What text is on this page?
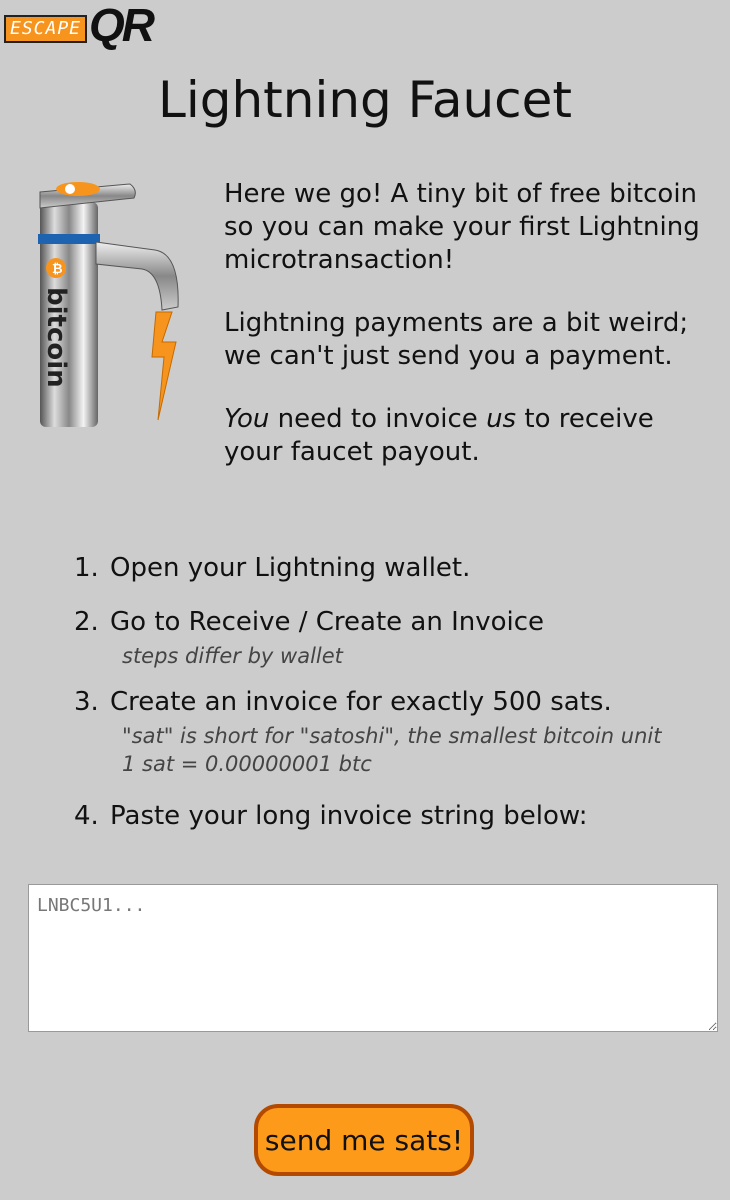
ESCAPE QR
Lightning Faucet
₿
bitcoin

Here we go! A tiny bit of free bitcoin so you can make your first Lightning microtransaction!

Lightning payments are a bit weird; we can't just send you a payment.

You need to invoice us to receive your faucet payout.

1. Open your Lightning wallet.
2. Go to Receive / Create an Invoice
steps differ by wallet
3. Create an invoice for exactly 500 sats.
"sat" is short for "satoshi", the smallest bitcoin unit
1 sat = 0.00000001 btc
4. Paste your long invoice string below:
LNBC5U1...
send me sats!
